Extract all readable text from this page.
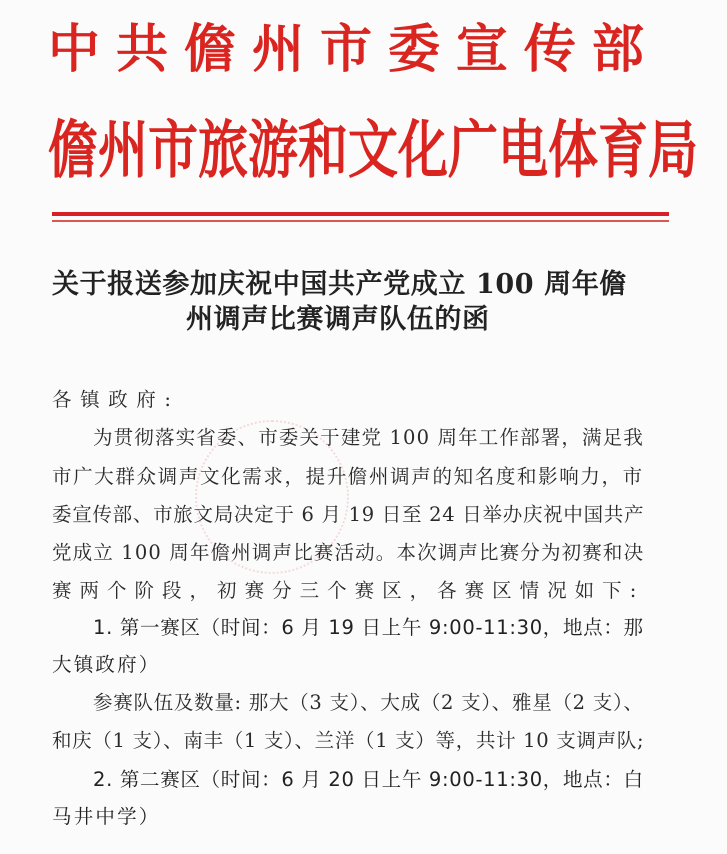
中 共 儋 州 市 委 宣 传 部
儋 州 市 旅 游 和 文 化 广 电 体 育 局
关于报送参加庆祝中国共产党成立 100 周年儋
州调声比赛调声队伍的函
各镇政府:
为贯彻落实省委、市委关于建党 100 周年工作部署，满足我
市广大群众调声文化需求，提升儋州调声的知名度和影响力，市
委宣传部、市旅文局决定于 6 月 19 日至 24 日举办庆祝中国共产
党成立 100 周年儋州调声比赛活动。本次调声比赛分为初赛和决
赛两个阶段，初赛分三个赛区，各赛区情况如下:
1. 第一赛区（时间：6 月 19 日上午 9:00-11:30，地点：那
大镇政府）
参赛队伍及数量: 那大（3 支）、大成（2 支）、雅星（2 支）、
和庆（1 支）、南丰（1 支）、兰洋（1 支）等，共计 10 支调声队;
2. 第二赛区（时间：6 月 20 日上午 9:00-11:30，地点：白
马井中学）
